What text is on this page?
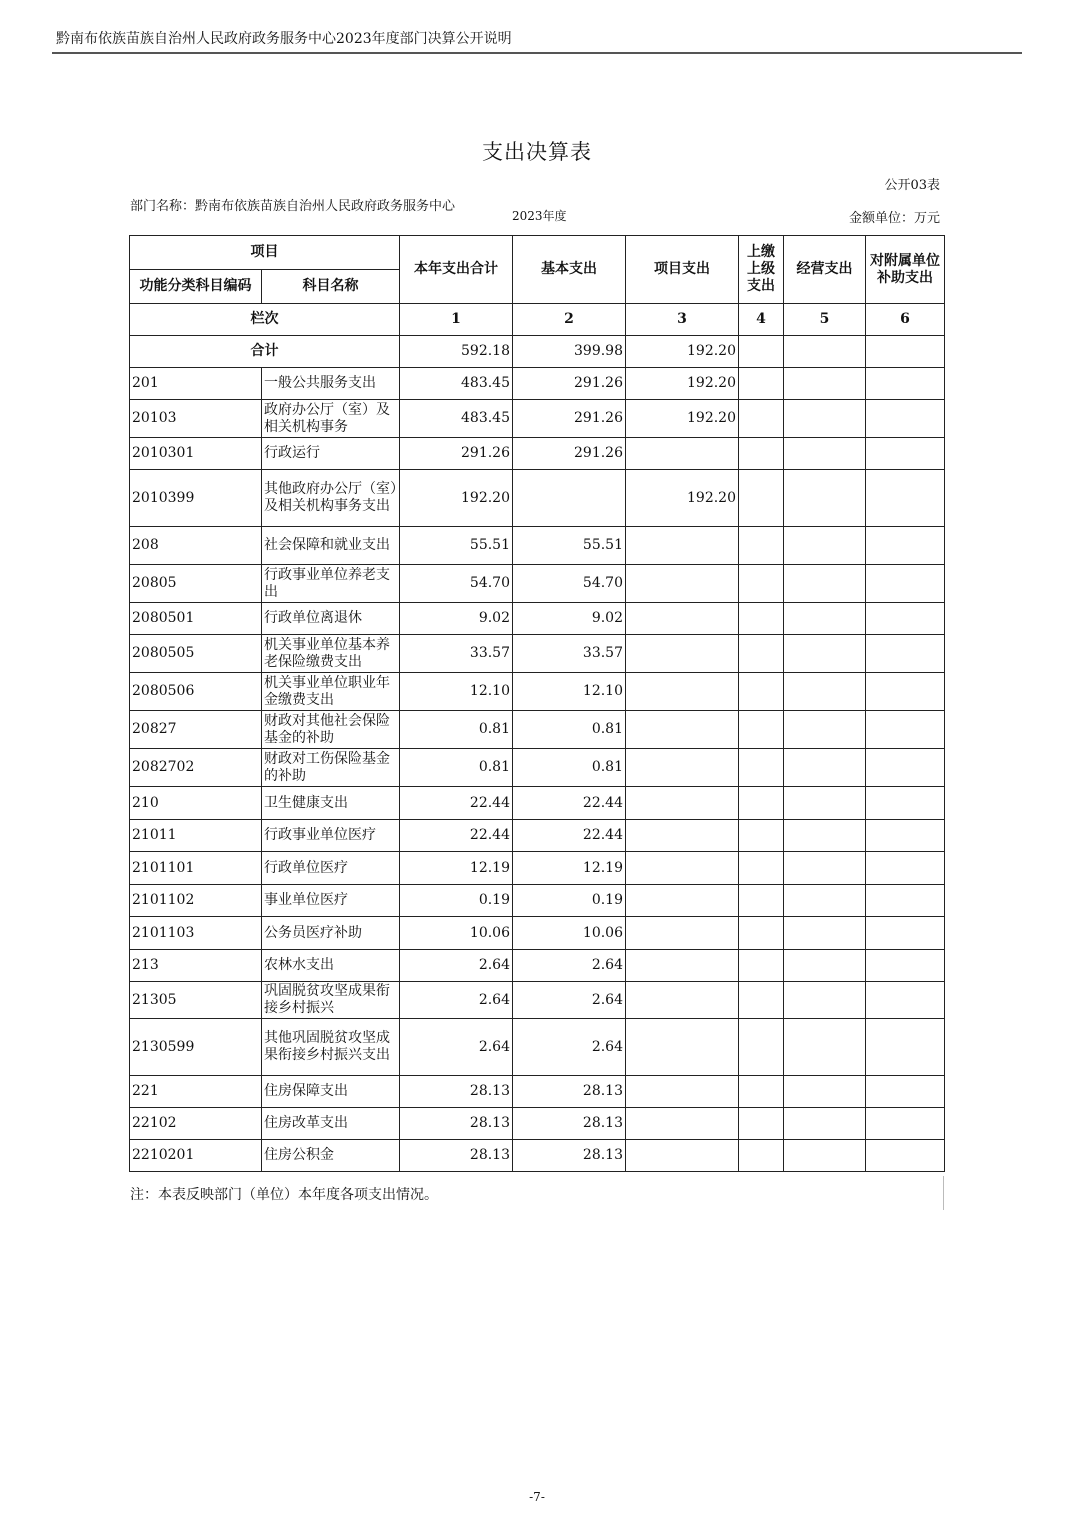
黔南布依族苗族自治州人民政府政务服务中心2023年度部门决算公开说明
支出决算表
公开03表
部门名称：黔南布依族苗族自治州人民政府政务服务中心
2023年度	金额单位：万元
项目		本年支出合计	基本支出	项目支出	上缴上级支出	经营支出	对附属单位补助支出
功能分类科目编码	科目名称						
栏次		1	2	3	4	5	6
合计		592.18	399.98	192.20			
201	一般公共服务支出	483.45	291.26	192.20			
20103	政府办公厅（室）及相关机构事务	483.45	291.26	192.20			
2010301	行政运行	291.26	291.26				
2010399	其他政府办公厅（室）及相关机构事务支出	192.20		192.20			
208	社会保障和就业支出	55.51	55.51				
20805	行政事业单位养老支出	54.70	54.70				
2080501	行政单位离退休	9.02	9.02				
2080505	机关事业单位基本养老保险缴费支出	33.57	33.57				
2080506	机关事业单位职业年金缴费支出	12.10	12.10				
20827	财政对其他社会保险基金的补助	0.81	0.81				
2082702	财政对工伤保险基金的补助	0.81	0.81				
210	卫生健康支出	22.44	22.44				
21011	行政事业单位医疗	22.44	22.44				
2101101	行政单位医疗	12.19	12.19				
2101102	事业单位医疗	0.19	0.19				
2101103	公务员医疗补助	10.06	10.06				
213	农林水支出	2.64	2.64				
21305	巩固脱贫攻坚成果衔接乡村振兴	2.64	2.64				
2130599	其他巩固脱贫攻坚成果衔接乡村振兴支出	2.64	2.64				
221	住房保障支出	28.13	28.13				
22102	住房改革支出	28.13	28.13				
2210201	住房公积金	28.13	28.13				
注：本表反映部门（单位）本年度各项支出情况。
-7-
